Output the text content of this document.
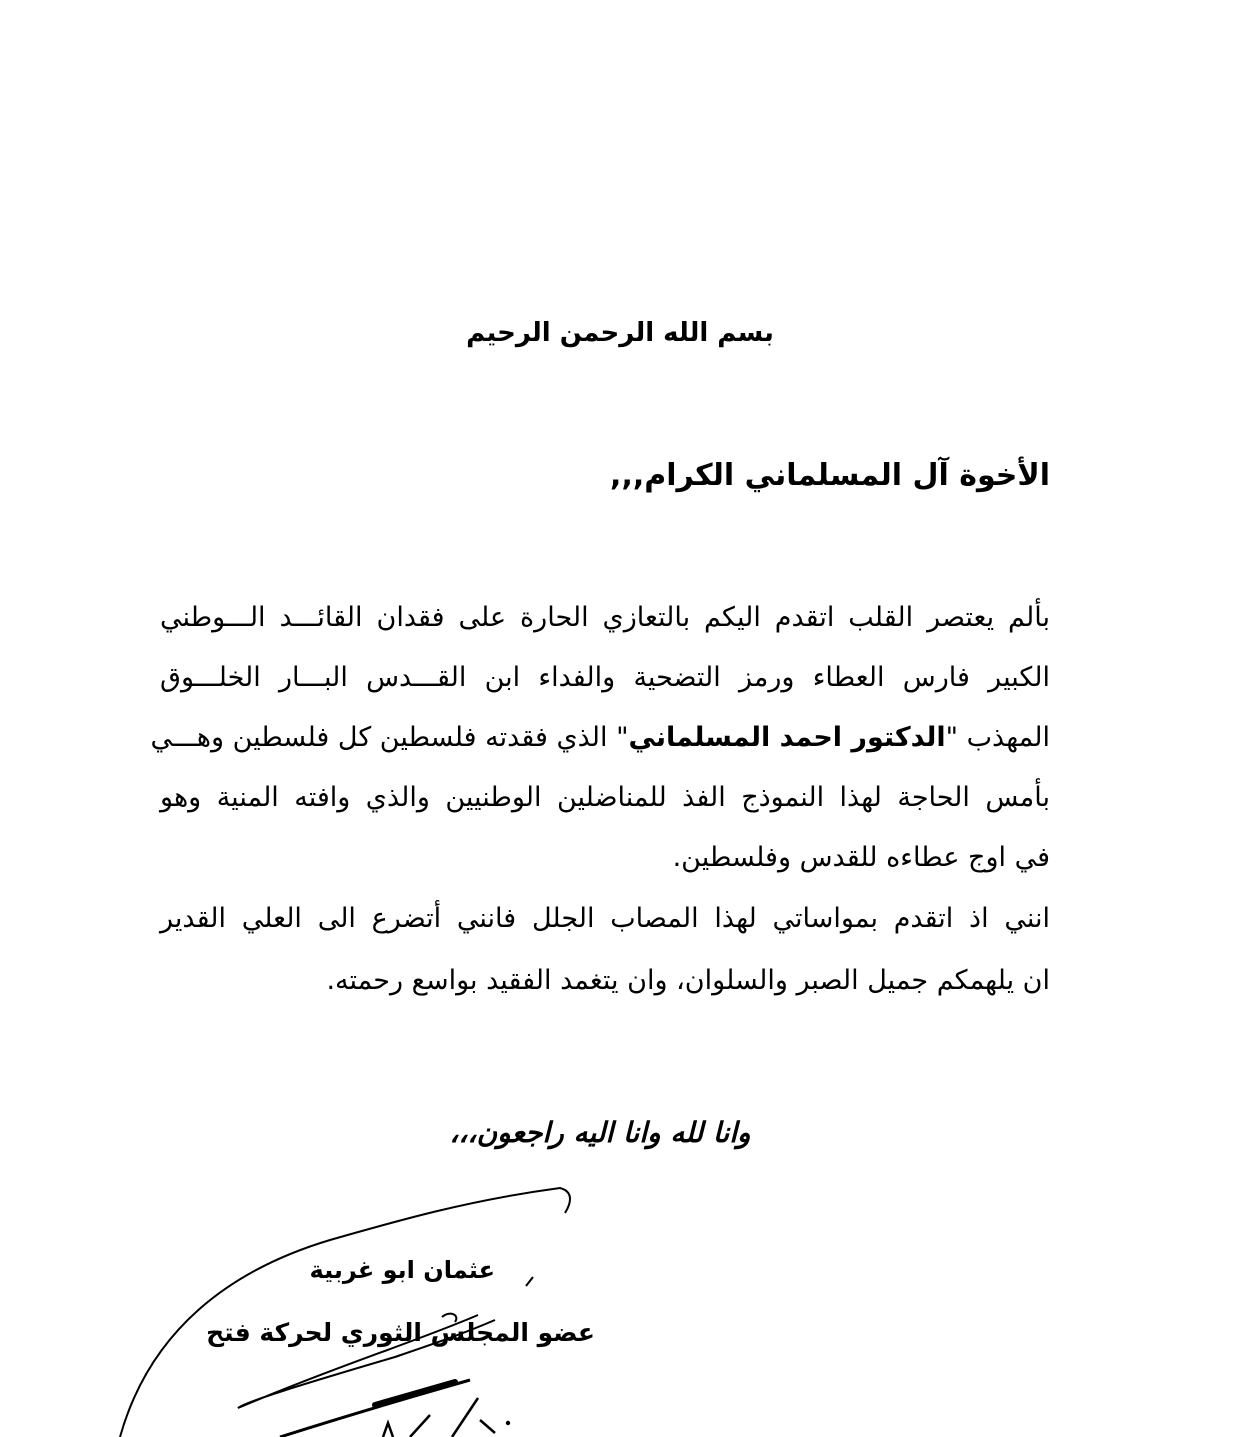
بسم الله الرحمن الرحيم
الأخوة آل المسلماني الكرام,,,
بألم يعتصر القلب اتقدم اليكم بالتعازي الحارة على فقدان القائـــد الـــوطني
الكبير فارس العطاء ورمز التضحية والفداء ابن القـــدس البـــار الخلـــوق
المهذب "الدكتور احمد المسلماني" الذي فقدته فلسطين كل فلسطين وهـــي
بأمس الحاجة لهذا النموذج الفذ للمناضلين الوطنيين والذي وافته المنية وهو
في اوج عطاءه للقدس وفلسطين.
انني اذ اتقدم بمواساتي لهذا المصاب الجلل فانني أتضرع الى العلي القدير
ان يلهمكم جميل الصبر والسلوان، وان يتغمد الفقيد بواسع رحمته.
وانا لله وانا اليه راجعون،،،
عثمان ابو غربية
عضو المجلس الثوري لحركة فتح
